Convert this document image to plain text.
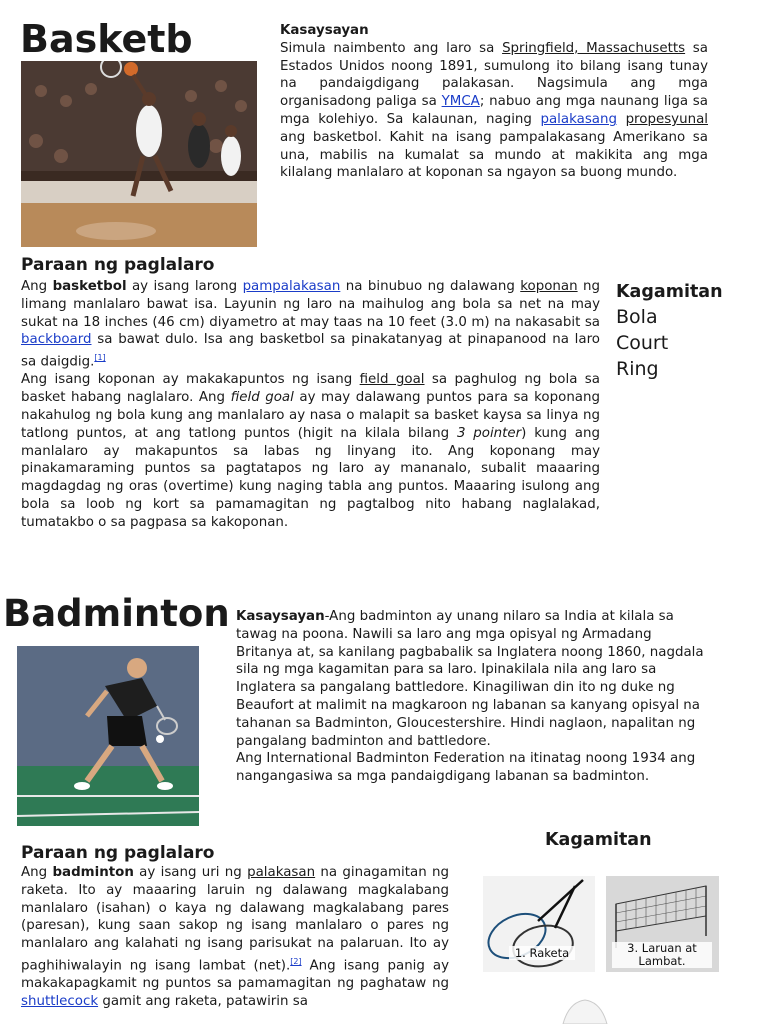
Basketb	Kasaysayan

Simula naimbento ang laro sa Springfield, Massachusetts sa Estados Unidos noong 1891, sumulong ito bilang isang tunay na pandaigdigang palakasan. Nagsimula ang mga organisadong paliga sa YMCA; nabuo ang mga naunang liga sa mga kolehiyo. Sa kalaunan, naging palakasang propesyunal ang basketbol. Kahit na isang pampalakasang Amerikano sa una, mabilis na kumalat sa mundo at makikita ang mga kilalang manlalaro at koponan sa ngayon sa buong mundo.

Paraan ng paglalaro

Ang basketbol ay isang larong pampalakasan na binubuo ng dalawang koponan ng limang manlalaro bawat isa. Layunin ng laro na maihulog ang bola sa net na may sukat na 18 inches (46 cm) diyametro at may taas na 10 feet (3.0 m) na nakasabit sa backboard sa bawat dulo. Isa ang basketbol sa pinakatanyag at pinapanood na laro sa daigdig.[1]

Ang isang koponan ay makakapuntos ng isang field goal sa paghulog ng bola sa basket habang naglalaro. Ang field goal ay may dalawang puntos para sa koponang nakahulog ng bola kung ang manlalaro ay nasa o malapit sa basket kaysa sa linya ng tatlong puntos, at ang tatlong puntos (higit na kilala bilang 3 pointer) kung ang manlalaro ay makapuntos sa labas ng linyang ito. Ang koponang may pinakamaraming puntos sa pagtatapos ng laro ay mananalo, subalit maaaring magdagdag ng oras (overtime) kung naging tabla ang puntos. Maaaring isulong ang bola sa loob ng kort sa pamamagitan ng pagtalbog nito habang naglalakad, tumatakbo o sa pagpasa sa kakoponan.

Kagamitan
Bola
Court
Ring
Badminton Kasaysayan-Ang badminton ay unang nilaro sa India at kilala sa tawag na poona. Nawili sa laro ang mga opisyal ng Armadang Britanya at, sa kanilang pagbabalik sa Inglatera noong 1860, nagdala sila ng mga kagamitan para sa laro. Ipinakilala nila ang laro sa Inglatera sa pangalang battledore. Kinagiliwan din ito ng duke ng Beaufort at malimit na magkaroon ng labanan sa kanyang opisyal na tahanan sa Badminton, Gloucestershire. Hindi naglaon, napalitan ng pangalang badminton and battledore.

Ang International Badminton Federation na itinatag noong 1934 ang nangangasiwa sa mga pandaigdigang labanan sa badminton.

Kagamitan
Paraan ng paglalaro

Ang badminton ay isang uri ng palakasan na ginagamitan ng raketa. Ito ay maaaring laruin ng dalawang magkalabang manlalaro (isahan) o kaya ng dalawang magkalabang pares (paresan), kung saan sakop ng isang manlalaro o pares ng manlalaro ang kalahati ng isang parisukat na palaruan. Ito ay paghihiwalayin ng isang lambat (net).[2] Ang isang panig ay makakapagkamit ng puntos sa pamamagitan ng paghataw ng shuttlecock gamit ang raketa, patawirin sa

1. Raketa	3. Laruan at Lambat.
